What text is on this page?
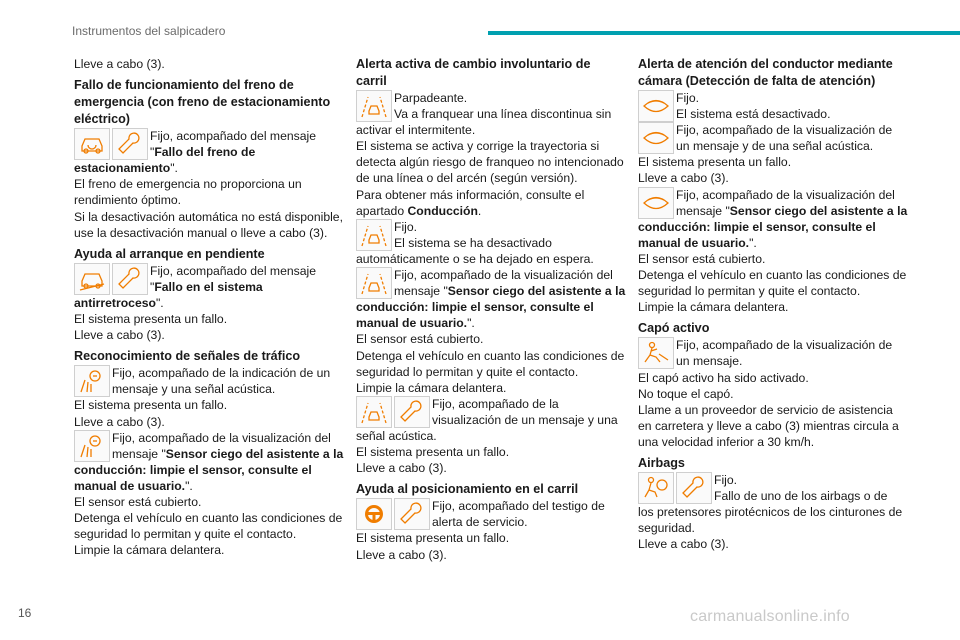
Instrumentos del salpicadero
Lleve a cabo (3).
Fallo de funcionamiento del freno de
emergencia (con freno de estacionamiento
eléctrico)
Fijo, acompañado del mensaje
"Fallo del freno de
estacionamiento".
El freno de emergencia no proporciona un
rendimiento óptimo.
Si la desactivación automática no está disponible,
use la desactivación manual o lleve a cabo (3).
Ayuda al arranque en pendiente
Fijo, acompañado del mensaje
"Fallo en el sistema
antirretroceso".
El sistema presenta un fallo.
Lleve a cabo (3).
Reconocimiento de señales de tráfico
Fijo, acompañado de la indicación de un
mensaje y una señal acústica.
El sistema presenta un fallo.
Lleve a cabo (3).
Fijo, acompañado de la visualización del
mensaje "Sensor ciego del asistente a la
conducción: limpie el sensor, consulte el
manual de usuario.".
El sensor está cubierto.
Detenga el vehículo en cuanto las condiciones de
seguridad lo permitan y quite el contacto.
Limpie la cámara delantera.
Alerta activa de cambio involuntario de
carril
Parpadeante.
Va a franquear una línea discontinua sin
activar el intermitente.
El sistema se activa y corrige la trayectoria si
detecta algún riesgo de franqueo no intencionado
de una línea o del arcén (según versión).
Para obtener más información, consulte el
apartado Conducción.
Fijo.
El sistema se ha desactivado
automáticamente o se ha dejado en espera.
Fijo, acompañado de la visualización del
mensaje "Sensor ciego del asistente a la
conducción: limpie el sensor, consulte el
manual de usuario.".
El sensor está cubierto.
Detenga el vehículo en cuanto las condiciones de
seguridad lo permitan y quite el contacto.
Limpie la cámara delantera.
Fijo, acompañado de la
visualización de un mensaje y una
señal acústica.
El sistema presenta un fallo.
Lleve a cabo (3).
Ayuda al posicionamiento en el carril
Fijo, acompañado del testigo de
alerta de servicio.
El sistema presenta un fallo.
Lleve a cabo (3).
Alerta de atención del conductor mediante
cámara (Detección de falta de atención)
Fijo.
El sistema está desactivado.
Fijo, acompañado de la visualización de
un mensaje y de una señal acústica.
El sistema presenta un fallo.
Lleve a cabo (3).
Fijo, acompañado de la visualización del
mensaje "Sensor ciego del asistente a la
conducción: limpie el sensor, consulte el
manual de usuario.".
El sensor está cubierto.
Detenga el vehículo en cuanto las condiciones de
seguridad lo permitan y quite el contacto.
Limpie la cámara delantera.
Capó activo
Fijo, acompañado de la visualización de
un mensaje.
El capó activo ha sido activado.
No toque el capó.
Llame a un proveedor de servicio de asistencia
en carretera y lleve a cabo (3) mientras circula a
una velocidad inferior a 30 km/h.
Airbags
Fijo.
Fallo de uno de los airbags o de
los pretensores pirotécnicos de los cinturones de
seguridad.
Lleve a cabo (3).
16	carmanualsonline.info
